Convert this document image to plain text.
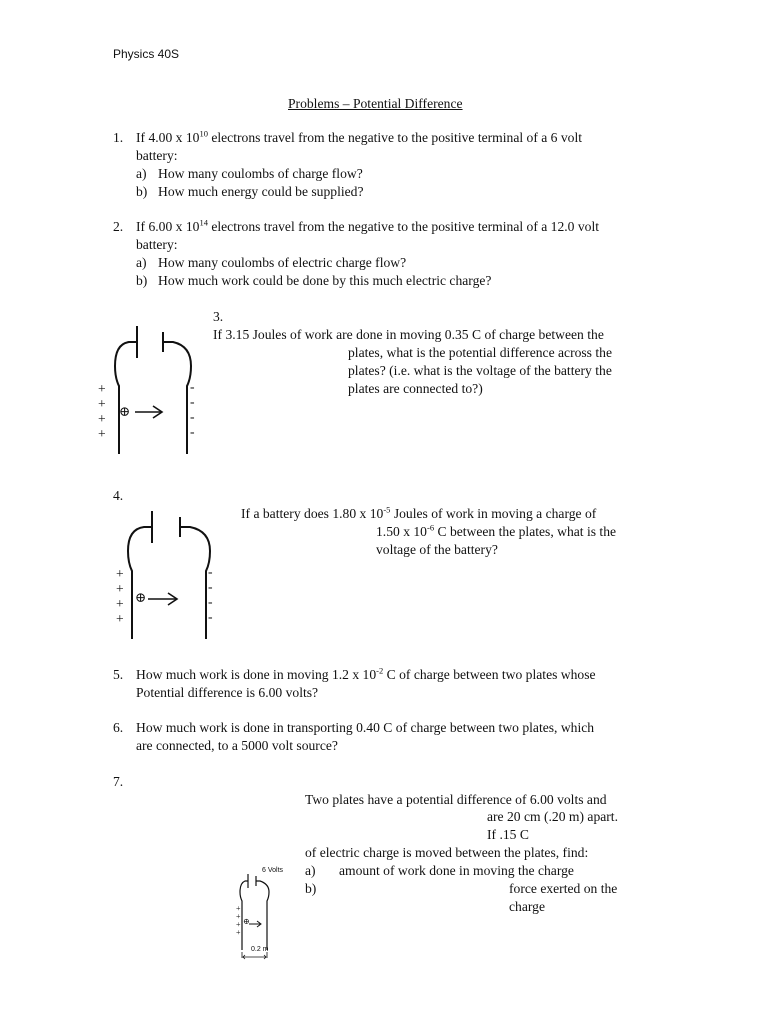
Physics 40S
Problems – Potential Difference
1. If 4.00 x $10^{10}$ electrons travel from the negative to the positive terminal of a 6 volt
battery:
a) How many coulombs of charge flow?
b) How much energy could be supplied?
2. If 6.00 x $10^{14}$ electrons travel from the negative to the positive terminal of a 12.0 volt
battery:
a) How many coulombs of electric charge flow?
b) How much work could be done by this much electric charge?
3.
If 3.15 Joules of work are done in moving 0.35 C of charge between the
plates, what is the potential difference across the
plates? (i.e. what is the voltage of the battery the
plates are connected to?)
⊕
+
+
+
+
-
-
-
-
4.
If a battery does 1.80 x $10^{-5}$ Joules of work in moving a charge of
1.50 x $10^{-6}$ C between the plates, what is the
voltage of the battery?
⊕
+
+
+
+
-
-
-
-
5. How much work is done in moving 1.2 x $10^{-2}$ C of charge between two plates whose
Potential difference is 6.00 volts?
6. How much work is done in transporting 0.40 C of charge between two plates, which
are connected, to a 5000 volt source?
7.
Two plates have a potential difference of 6.00 volts and
are 20 cm (.20 m) apart.
If .15 C
of electric charge is moved between the plates, find:
a) amount of work done in moving the charge
b)	force exerted on the
charge
6 Volts
0.2 m
+
+
+
+
⊕
